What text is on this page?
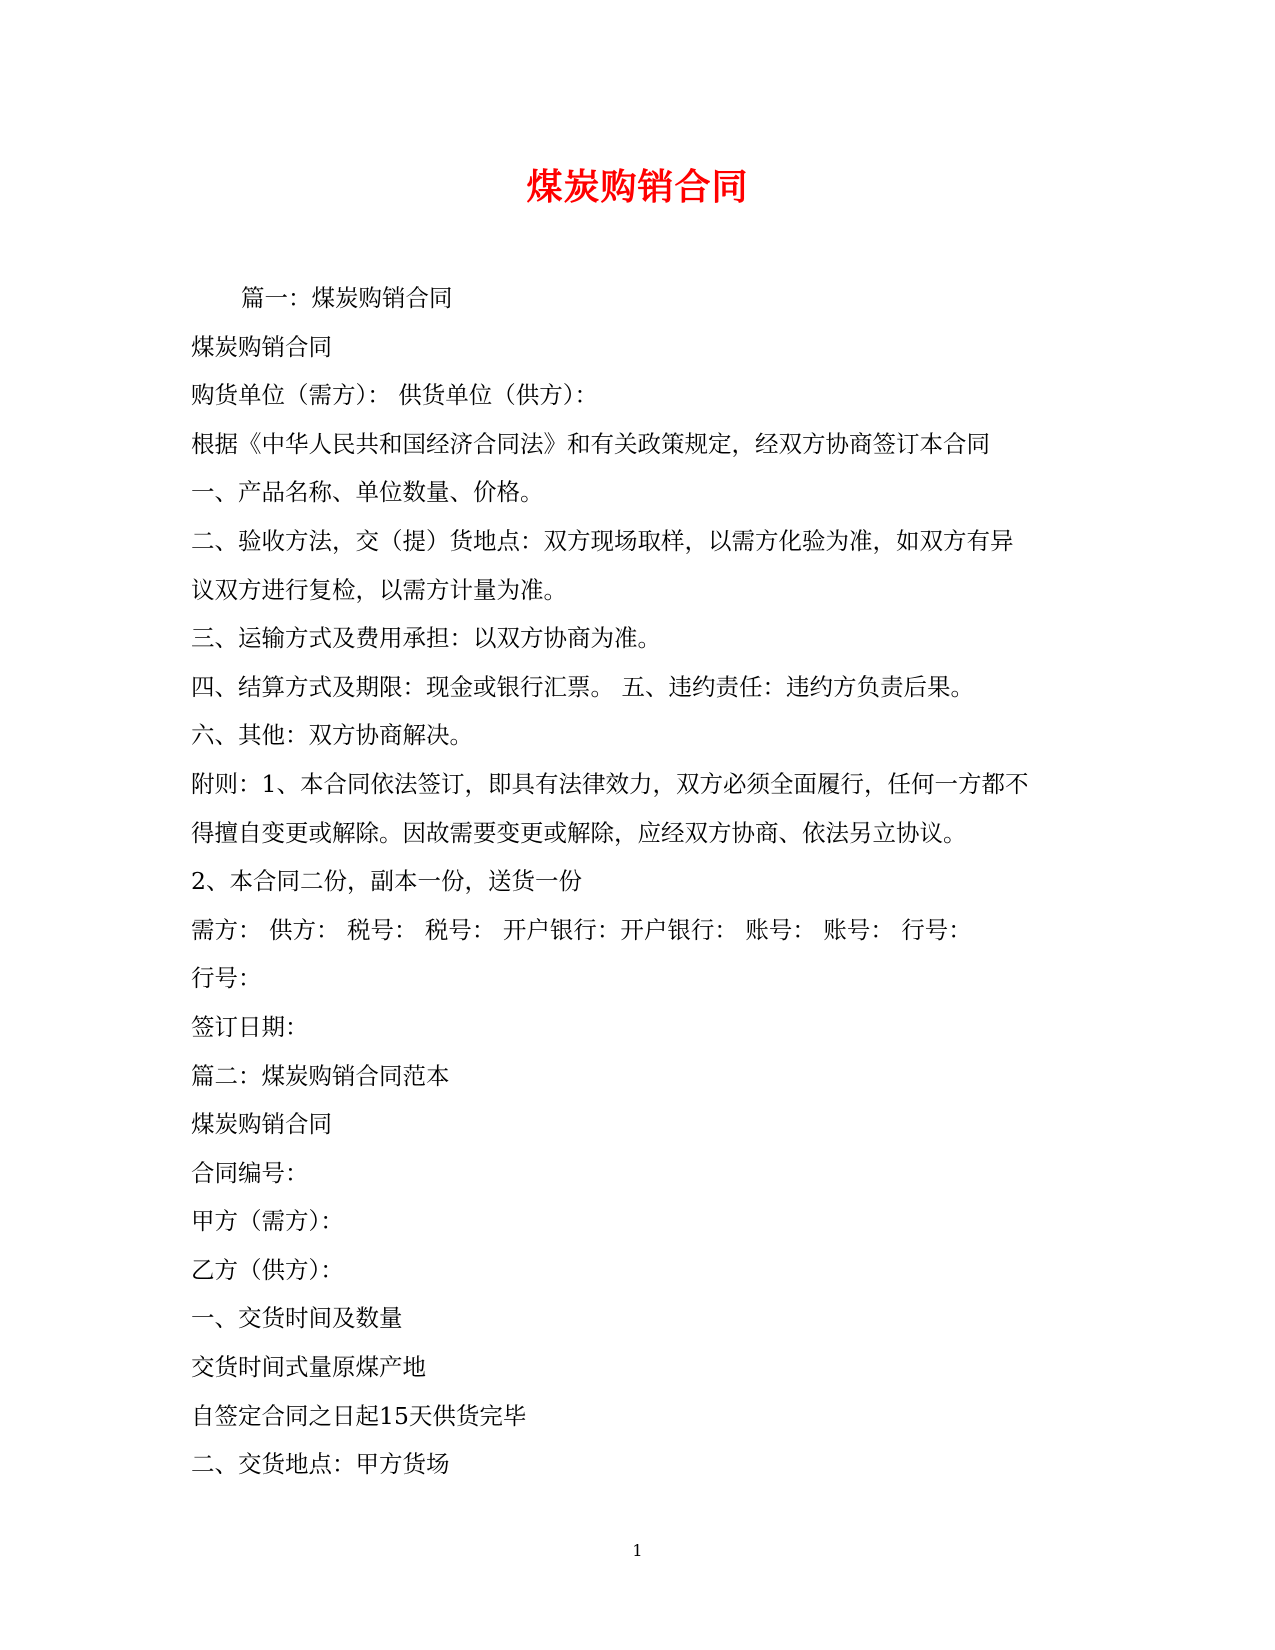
煤炭购销合同
篇一：煤炭购销合同
煤炭购销合同
购货单位（需方）： 供货单位（供方）：
根据《中华人民共和国经济合同法》和有关政策规定，经双方协商签订本合同
一、产品名称、单位数量、价格。
二、验收方法，交（提）货地点：双方现场取样，以需方化验为准，如双方有异
议双方进行复检，以需方计量为准。
三、运输方式及费用承担：以双方协商为准。
四、结算方式及期限：现金或银行汇票。 五、违约责任：违约方负责后果。
六、其他：双方协商解决。
附则：1、本合同依法签订，即具有法律效力，双方必须全面履行，任何一方都不
得擅自变更或解除。因故需要变更或解除，应经双方协商、依法另立协议。
2、本合同二份，副本一份，送货一份
需方： 供方： 税号： 税号： 开户银行：开户银行： 账号： 账号： 行号：
行号：
签订日期：
篇二：煤炭购销合同范本
煤炭购销合同
合同编号：
甲方（需方）：
乙方（供方）：
一、交货时间及数量
交货时间式量原煤产地
自签定合同之日起15天供货完毕
二、交货地点：甲方货场
1
